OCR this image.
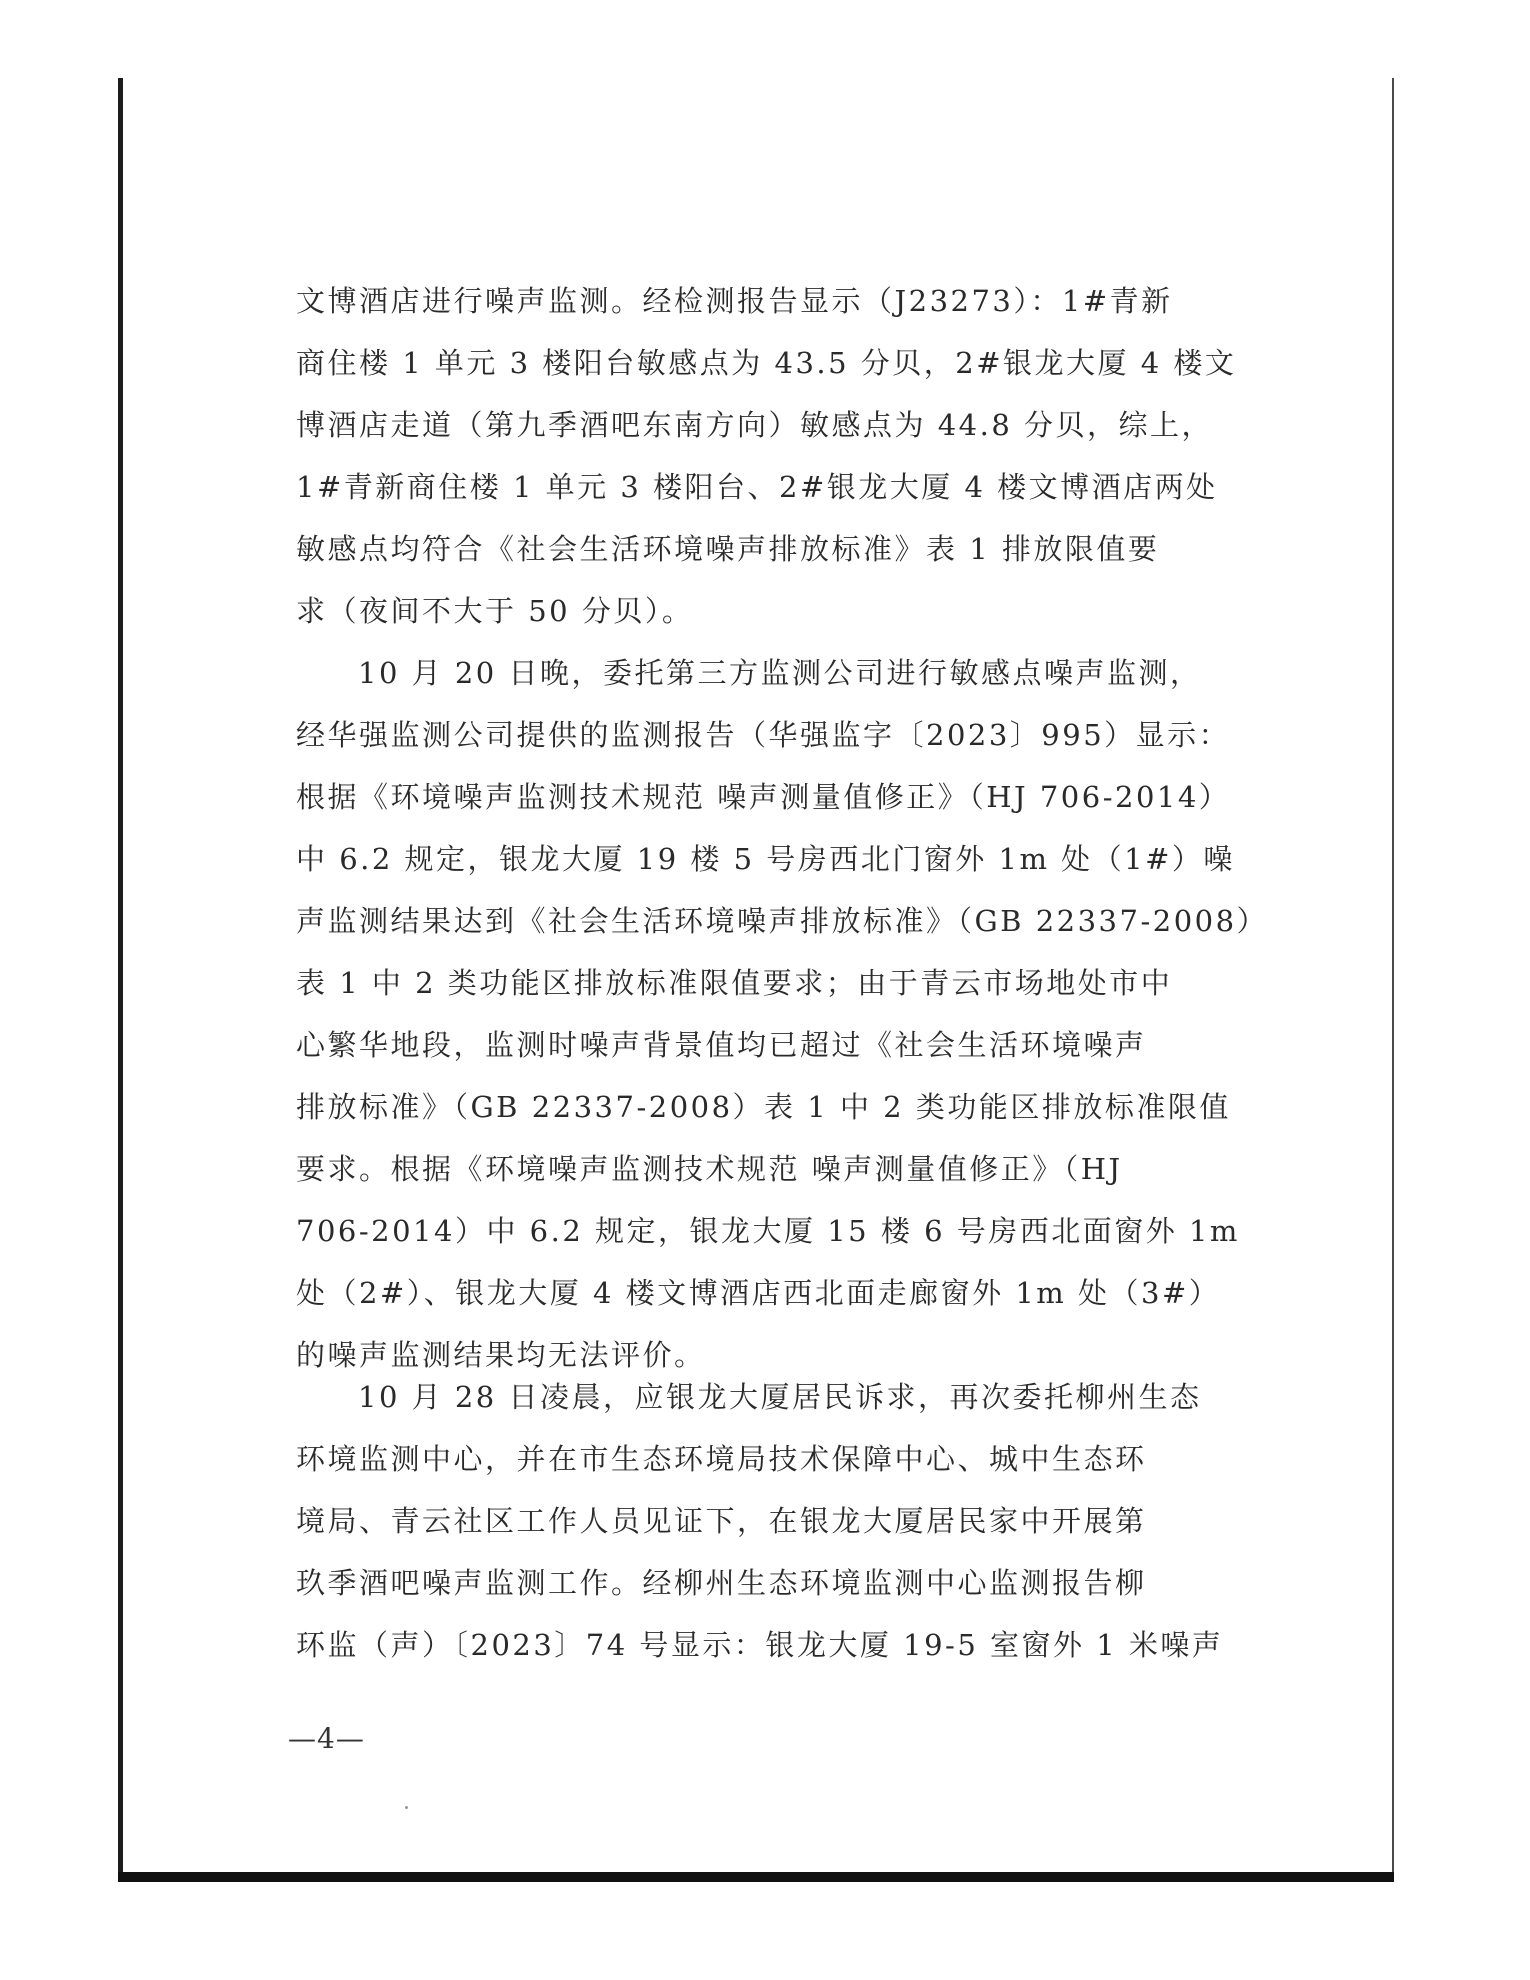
文博酒店进行噪声监测。经检测报告显示（J23273）：1#青新
商住楼 1 单元 3 楼阳台敏感点为 43.5 分贝，2#银龙大厦 4 楼文
博酒店走道（第九季酒吧东南方向）敏感点为 44.8 分贝，综上，
1#青新商住楼 1 单元 3 楼阳台、2#银龙大厦 4 楼文博酒店两处
敏感点均符合《社会生活环境噪声排放标准》表 1 排放限值要
求（夜间不大于 50 分贝）。
10 月 20 日晚，委托第三方监测公司进行敏感点噪声监测，
经华强监测公司提供的监测报告（华强监字〔2023〕995）显示：
根据《环境噪声监测技术规范 噪声测量值修正》（HJ 706-2014）
中 6.2 规定，银龙大厦 19 楼 5 号房西北门窗外 1m 处（1#）噪
声监测结果达到《社会生活环境噪声排放标准》（GB 22337-2008）
表 1 中 2 类功能区排放标准限值要求；由于青云市场地处市中
心繁华地段，监测时噪声背景值均已超过《社会生活环境噪声
排放标准》（GB 22337-2008）表 1 中 2 类功能区排放标准限值
要求。根据《环境噪声监测技术规范 噪声测量值修正》（HJ
706-2014）中 6.2 规定，银龙大厦 15 楼 6 号房西北面窗外 1m
处（2#）、银龙大厦 4 楼文博酒店西北面走廊窗外 1m 处（3#）
的噪声监测结果均无法评价。
10 月 28 日凌晨，应银龙大厦居民诉求，再次委托柳州生态
环境监测中心，并在市生态环境局技术保障中心、城中生态环
境局、青云社区工作人员见证下，在银龙大厦居民家中开展第
玖季酒吧噪声监测工作。经柳州生态环境监测中心监测报告柳
环监（声）〔2023〕74 号显示：银龙大厦 19-5 室窗外 1 米噪声
—4—
